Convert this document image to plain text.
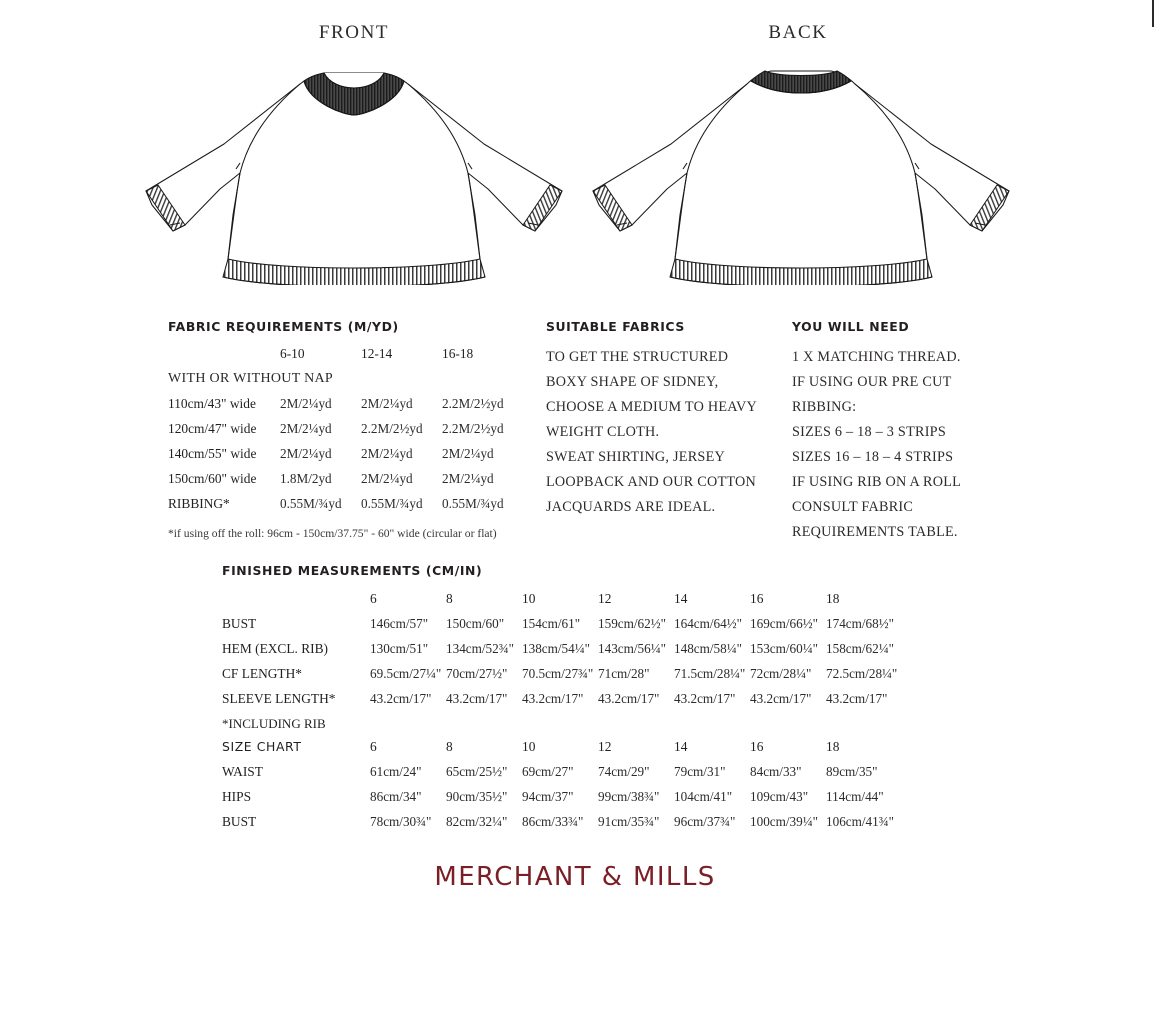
FRONT	BACK
FABRIC REQUIREMENTS (M/YD)
	6-10	12-14	16-18
WITH OR WITHOUT NAP			
110cm/43" wide	2M/2¼yd	2M/2¼yd	2.2M/2½yd
120cm/47" wide	2M/2¼yd	2.2M/2½yd	2.2M/2½yd
140cm/55" wide	2M/2¼yd	2M/2¼yd	2M/2¼yd
150cm/60" wide	1.8M/2yd	2M/2¼yd	2M/2¼yd
RIBBING*	0.55M/¾yd	0.55M/¾yd	0.55M/¾yd
*if using off the roll: 96cm - 150cm/37.75" - 60" wide (circular or flat)
SUITABLE FABRICS
TO GET THE STRUCTURED
BOXY SHAPE OF SIDNEY,
CHOOSE A MEDIUM TO HEAVY
WEIGHT CLOTH.
SWEAT SHIRTING, JERSEY
LOOPBACK AND OUR COTTON
JACQUARDS ARE IDEAL.
YOU WILL NEED
1 X MATCHING THREAD.
IF USING OUR PRE CUT
RIBBING:
SIZES 6 – 18 – 3 STRIPS
SIZES 16 – 18 – 4 STRIPS
IF USING RIB ON A ROLL
CONSULT FABRIC
REQUIREMENTS TABLE.
FINISHED MEASUREMENTS (CM/IN)
	6	8	10	12	14	16	18
BUST	146cm/57"	150cm/60"	154cm/61"	159cm/62½"	164cm/64½"	169cm/66½"	174cm/68½"
HEM (EXCL. RIB)	130cm/51"	134cm/52¾"	138cm/54¼"	143cm/56¼"	148cm/58¼"	153cm/60¼"	158cm/62¼"
CF LENGTH*	69.5cm/27¼"	70cm/27½"	70.5cm/27¾"	71cm/28"	71.5cm/28¼"	72cm/28¼"	72.5cm/28¼"
SLEEVE LENGTH*	43.2cm/17"	43.2cm/17"	43.2cm/17"	43.2cm/17"	43.2cm/17"	43.2cm/17"	43.2cm/17"
*INCLUDING RIB							
SIZE CHART	6	8	10	12	14	16	18
WAIST	61cm/24"	65cm/25½"	69cm/27"	74cm/29"	79cm/31"	84cm/33"	89cm/35"
HIPS	86cm/34"	90cm/35½"	94cm/37"	99cm/38¾"	104cm/41"	109cm/43"	114cm/44"
BUST	78cm/30¾"	82cm/32¼"	86cm/33¾"	91cm/35¾"	96cm/37¾"	100cm/39¼"	106cm/41¾"
MERCHANT & MILLS
